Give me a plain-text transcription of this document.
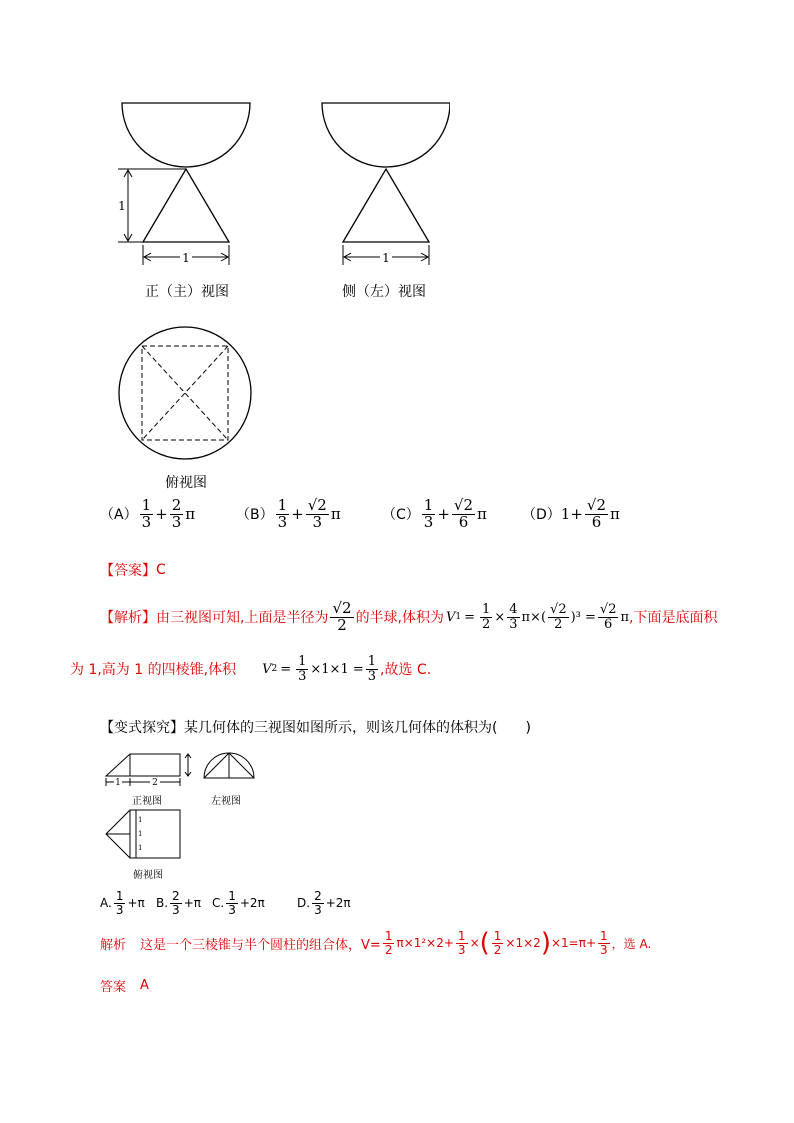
1
1
正（主）视图
1
侧（左）视图
俯视图
$(A) \frac{1}{3} + \frac{2}{3}$ π	$(B) \frac{1}{3} + \frac{√2}{3}$ π	$(C) \frac{1}{3} + \frac{√2}{6}$ π	（D） $1 + \frac{√2}{6}$ π
【答案】 C
【解析】 由三视图可知,上面是半径为 $\frac{√2}{2}$ 的半球,体积为 V $1 = \frac{1}{2} \times \frac{4}{3} \pi\times( \frac{√2}{2} )^3 = \frac{√2}{6}$ π ,下面是底面积
为 1,高为 1 的四棱锥,体积 V $2 = \frac{1}{3} \times 1\times 1 = \frac{1}{3}$ ,故选 C.
【变式探究】某几何体的三视图如图所示，则该几何体的体积为(　　)
1	2
正视图	左视图
1
1
1
俯视图
A. $\frac{1}{3} +\pi$ B. $\frac{2}{3} +\pi$ C. $\frac{1}{3} +2\pi$	D. $\frac{2}{3} +2\pi$
解析 这是一个三棱锥与半个圆柱的组合体，$V= \frac{1}{2} \pi\times 1^2\times 2+ \frac{1}{3}$ × ( $\frac{1}{2} \times 1\times 2$ ) $\times 1=\pi+ \frac{1}{3}$ ，选 A.
答案 A
